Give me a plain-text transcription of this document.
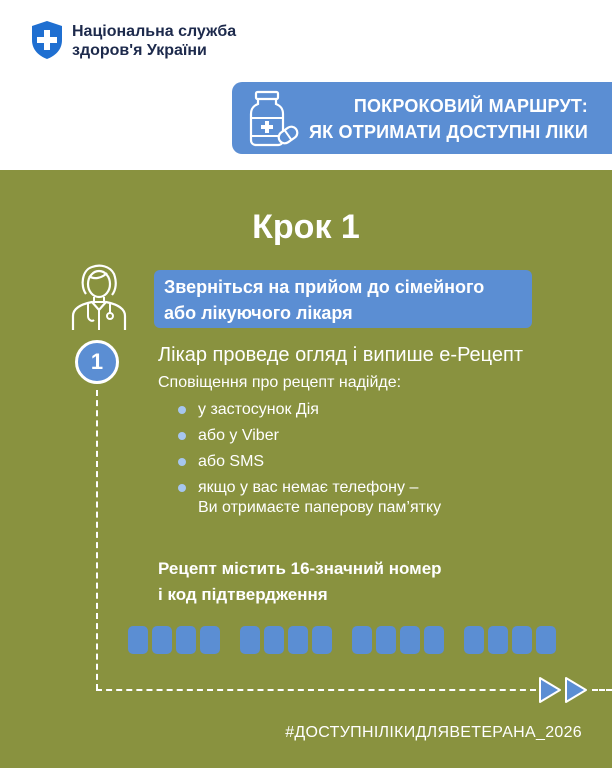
Національна служба
здоров'я України
ПОКРОКОВИЙ МАРШРУТ:
ЯК ОТРИМАТИ ДОСТУПНІ ЛІКИ
Крок 1
Зверніться на прийом до сімейного
або лікуючого лікаря
1	Лікар проведе огляд і випише е-Рецепт
Сповіщення про рецепт надійде:
у застосунок Дія
або у Viber
або SMS
якщо у вас немає телефону –
Ви отримаєте паперову пам’ятку
Рецепт містить 16-значний номер
і код підтвердження
#ДОСТУПНІЛІКИДЛЯВЕТЕРАНА_2026
